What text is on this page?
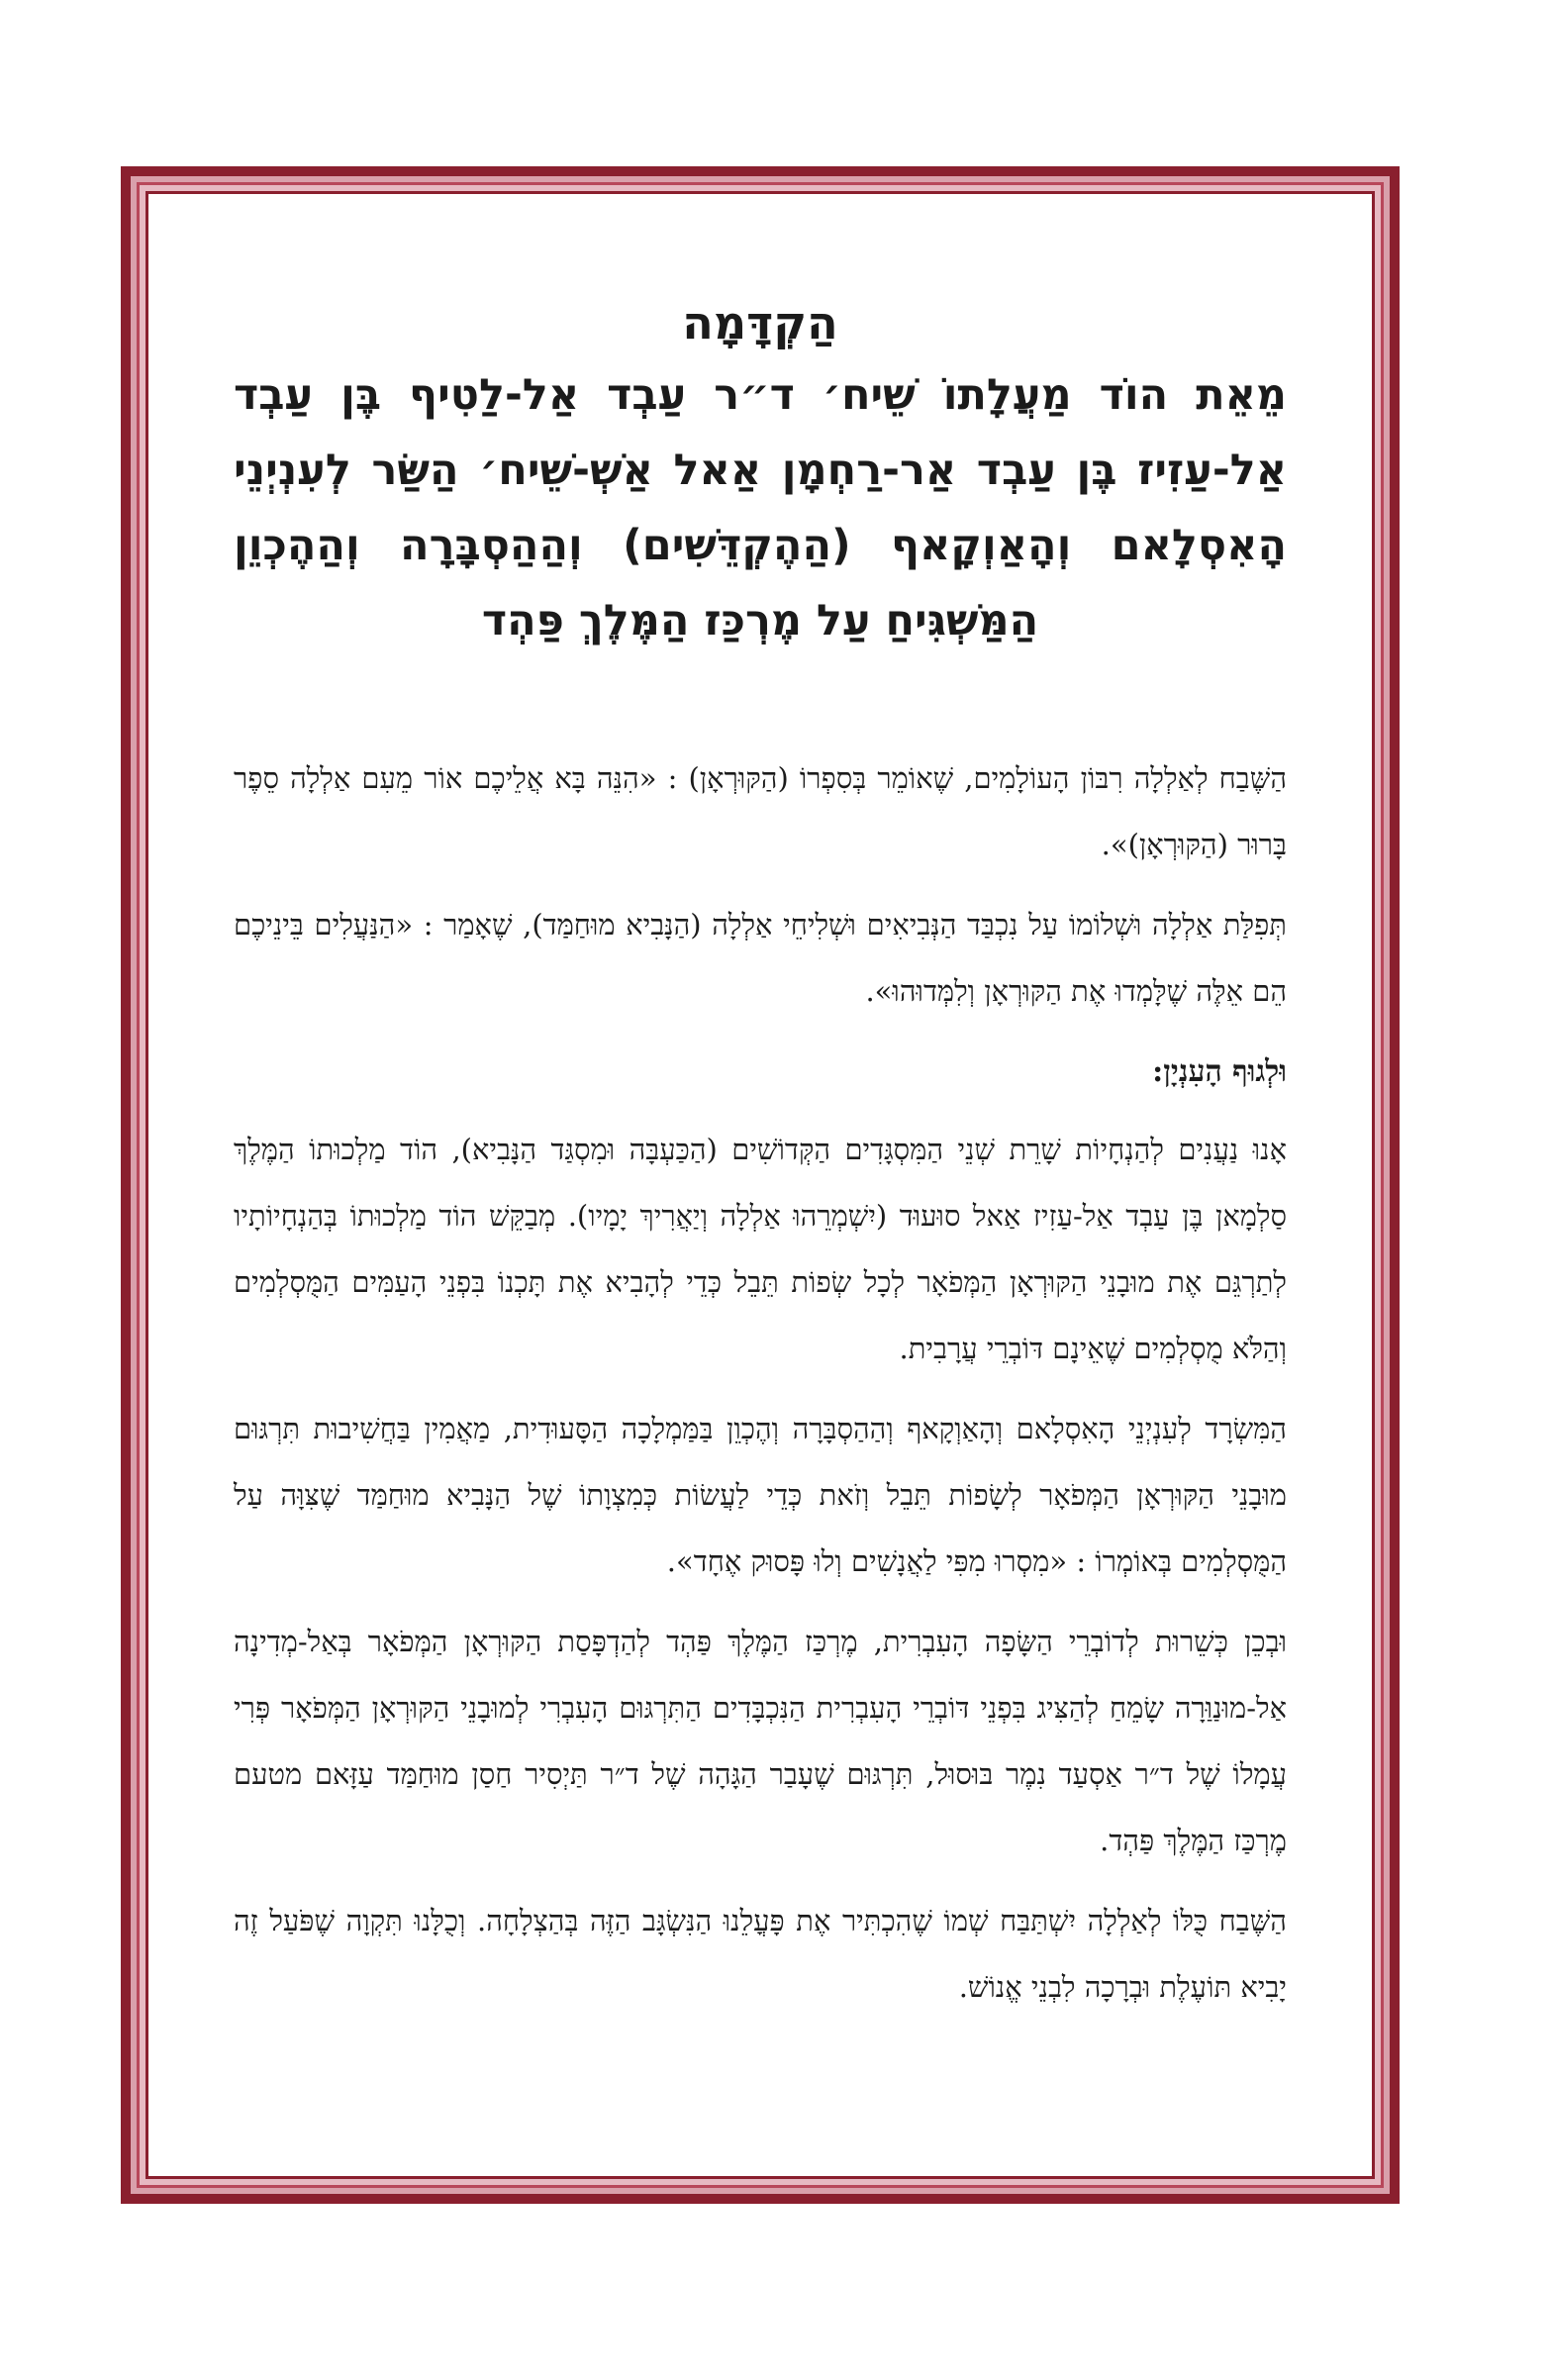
הַקְדָּמָה

מֵאֵת הוֹד מַעֲלָתוֹ שֵׁיח׳ ד״ר עַבְד אַל-לַטִיף בֶּן עַבְד אַל-עַזִיז בֶּן עַבְד אַר-רַחְמָן אַאל אַשְׁ-שֵׁיח׳ הַשַּׂר לְעִנְיְנֵי הָאִסְלָאם וְהָאַוְקָאף (הַהֶקְדֵּשִׁים) וְהַהַסְבָּרָה וְהַהֶכְוֵן הַמַּשְׁגִּיחַ עַל מֶרְכַּז הַמֶּלֶךְ פַּהְד

הַשֶּׁבַח לְאַלְלָה רִבּוֹן הָעוֹלָמִים, שֶׁאוֹמֵר בְּסִפְרוֹ (הַקּוּרְאָן) : «הִנֵּה בָּא אֲלֵיכֶם אוֹר מֵעִם אַלְלָה סֵפֶר בָּרוּר (הַקּוּרְאָן)».

תְּפִלַּת אַלְלָה וּשְׁלוֹמוֹ עַל נִכְבַּד הַנְּבִיאִים וּשְׁלִיחֵי אַלְלָה (הַנָּבִיא מוּחַמַּד), שֶׁאָמַר : «הַנַּעֲלִים בֵּינֵיכֶם הֵם אֵלֶּה שֶׁלָּמְדוּ אֶת הַקּוּרְאָן וְלִמְּדוּהוּ».

וּלְגוּף הָעִנְיָן:

אָנוּ נַעֲנִים לְהַנְחָיוֹת שָׁרֵת שְׁנֵי הַמִּסְגָּדִים הַקְּדוֹשִׁים (הַכַּעְבָּה וּמִסְגַּד הַנָּבִיא), הוֹד מַלְכוּתוֹ הַמֶּלֶךְ סַלְמָאן בֶּן עַבְד אַל-עַזִיז אַאל סוּעוּד (יִשְׁמְרֵהוּ אַלְלָה וְיַאֲרִיךְ יָמָיו). מְבַקֵּשׁ הוֹד מַלְכוּתוֹ בְּהַנְחָיוֹתָיו לְתַרְגֵּם אֶת מוּבָנֵי הַקּוּרְאָן הַמְּפֹאָר לְכָל שְׂפוֹת תֵּבֵל כְּדֵי לְהָבִיא אֶת תָּכְנוֹ בִּפְנֵי הָעַמִּים הַמֻּסְלְמִים וְהַלֹּא מֻסְלְמִים שֶׁאֵינָם דּוֹבְרֵי עֲרָבִית.

הַמִּשְׂרָד לְעִנְיְנֵי הָאִסְלָאם וְהָאַוְקָאף וְהַהַסְבָּרָה וְהֶכְוֵן בַּמַּמְלָכָה הַסָּעוּדִית, מַאֲמִין בַּחֲשִׁיבוּת תִּרְגּוּם מוּבָנֵי הַקּוּרְאָן הַמְּפֹאָר לְשָׂפוֹת תֵּבֵל וְזֹאת כְּדֵי לַעֲשׂוֹת כְּמִצְוָתוֹ שֶׁל הַנָּבִיא מוּחַמַּד שֶׁצִּוָּה עַל הַמֻּסְלְמִים בְּאוֹמְרוֹ : «מִסְרוּ מִפִּי לַאֲנָשִׁים וְלוּ פָּסוּק אֶחָד».

וּבְכֵן כְּשֵׁרוּת לְדוֹבְרֵי הַשָּׂפָה הָעִבְרִית, מֶרְכַּז הַמֶּלֶךְ פַּהְד לְהַדְפָּסַת הַקּוּרְאָן הַמְּפֹאָר בְּאַל-מְדִינָה אַל-מוּנַוַּרָה שָׂמֵחַ לְהַצִּיג בִּפְנֵי דּוֹבְרֵי הָעִבְרִית הַנִּכְבָּדִים הַתִּרְגּוּם הָעִבְרִי לְמוּבָנֵי הַקּוּרְאָן הַמְּפֹאָר פְּרִי עֲמָלוֹ שֶׁל ד״ר אַסְעַד נִמֶר בּוּסוּל, תִּרְגּוּם שֶׁעָבַר הַגָּהָה שֶׁל ד״ר תַּיְסִיר חַסַן מוּחַמַּד עַזָּאם מטעם מֶרְכַּז הַמֶּלֶךְ פַּהְד.

הַשֶּׁבַח כֻּלּוֹ לְאַלְלָה יִשְׁתַּבַּח שְׁמוֹ שֶׁהִכְתִּיר אֶת פָּעֳלֵנוּ הַנִּשְׂגָּב הַזֶּה בְּהַצְלָחָה. וְכֻלָּנוּ תִּקְוָה שֶׁפֹּעַל זֶה יָבִיא תּוֹעֶלֶת וּבְרָכָה לִבְנֵי אֱנוֹשׁ.
